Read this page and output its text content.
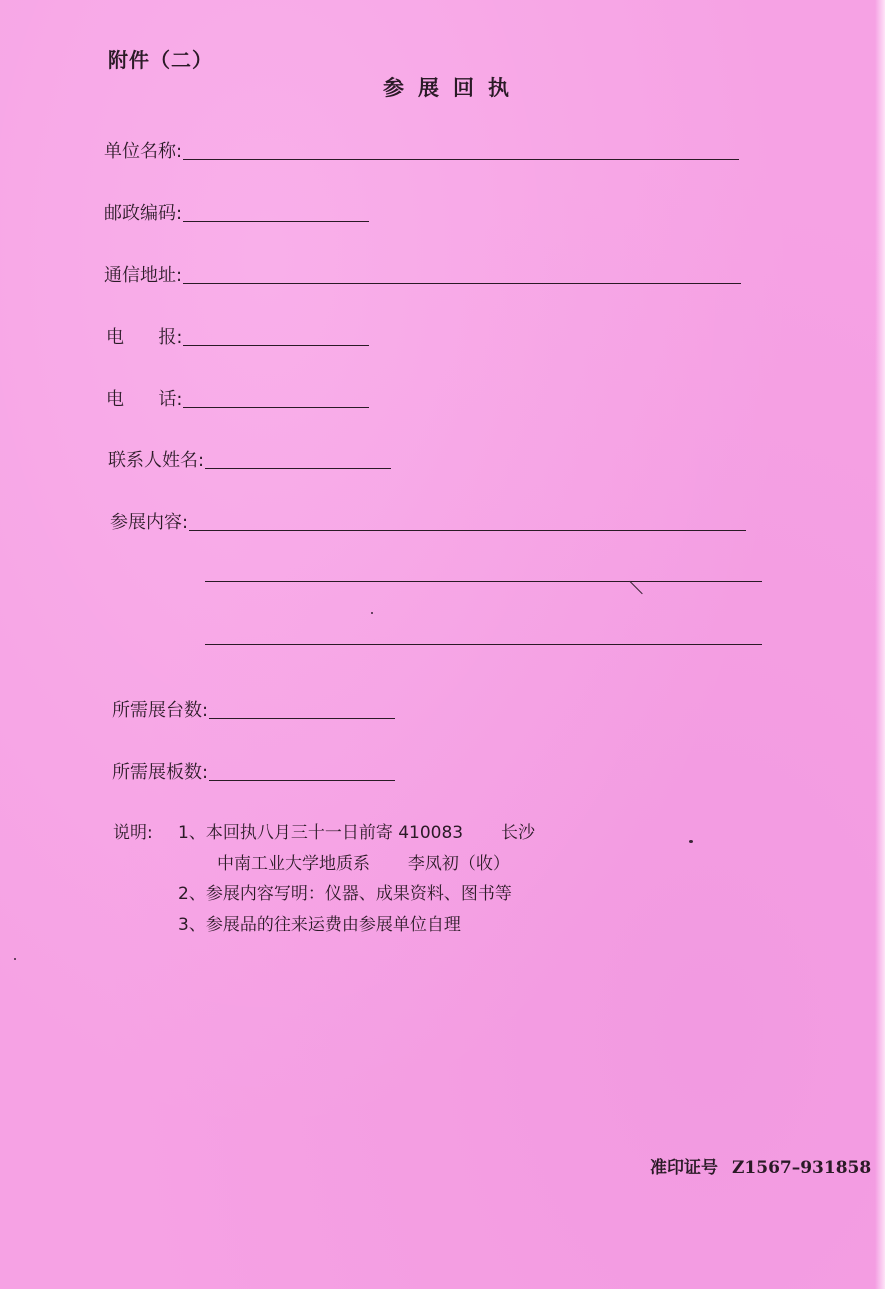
附件（二）
参展回执
单位名称:
邮政编码:
通信地址:
电      报:
电      话:
联系人姓名:
参展内容:
所需展台数:
所需展板数:
说明: 1、本回执八月三十一日前寄 410083       长沙
中南工业大学地质系       李凤初（收）
2、参展内容写明：仪器、成果资料、图书等
3、参展品的往来运费由参展单位自理
准印证号 Z1567–931858
